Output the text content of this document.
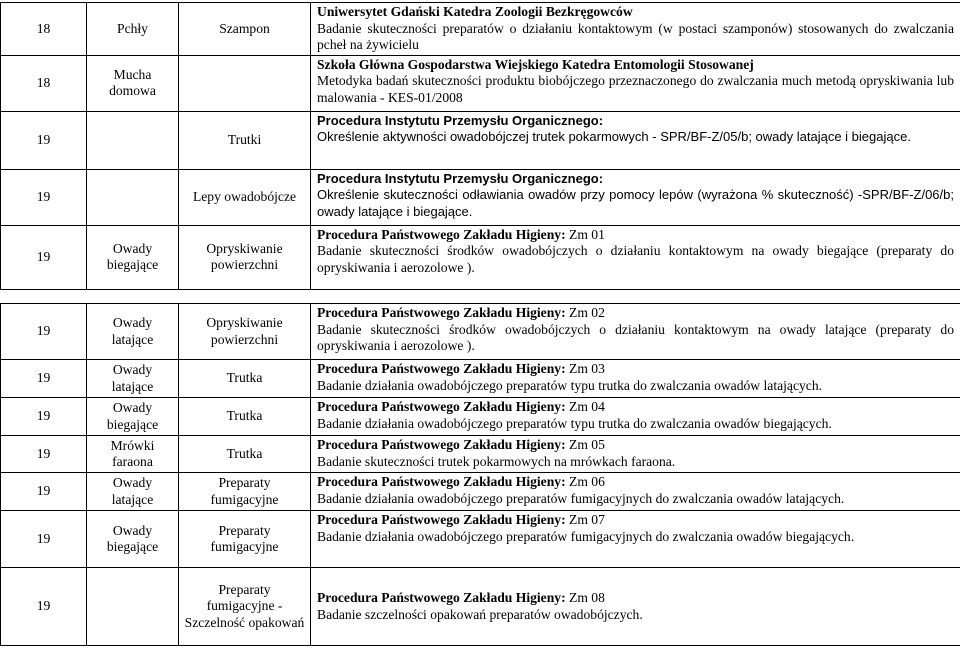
18	Pchły	Szampon	Uniwersytet Gdański Katedra Zoologii Bezkręgowców
Badanie skuteczności preparatów o działaniu kontaktowym (w postaci szamponów) stosowanych do zwalczania pcheł na żywicielu
18	Mucha domowa		Szkoła Główna Gospodarstwa Wiejskiego Katedra Entomologii Stosowanej
Metodyka badań skuteczności produktu biobójczego przeznaczonego do zwalczania much metodą opryskiwania lub malowania - KES-01/2008
19		Trutki	Procedura Instytutu Przemysłu Organicznego:
Określenie aktywności owadobójczej trutek pokarmowych - SPR/BF-Z/05/b; owady latające i biegające.
19		Lepy owadobójcze	Procedura Instytutu Przemysłu Organicznego:
Określenie skuteczności odławiania owadów przy pomocy lepów (wyrażona % skuteczność) -SPR/BF-Z/06/b; owady latające i biegające.
19	Owady biegające	Opryskiwanie powierzchni	Procedura Państwowego Zakładu Higieny: Zm 01
Badanie skuteczności środków owadobójczych o działaniu kontaktowym na owady biegające (preparaty do opryskiwania i aerozolowe ).
19	Owady latające	Opryskiwanie powierzchni	Procedura Państwowego Zakładu Higieny: Zm 02
Badanie skuteczności środków owadobójczych o działaniu kontaktowym na owady latające (preparaty do opryskiwania i aerozolowe ).
19	Owady latające	Trutka	Procedura Państwowego Zakładu Higieny: Zm 03
Badanie działania owadobójczego preparatów typu trutka do zwalczania owadów latających.
19	Owady biegające	Trutka	Procedura Państwowego Zakładu Higieny: Zm 04
Badanie działania owadobójczego preparatów typu trutka do zwalczania owadów biegających.
19	Mrówki faraona	Trutka	Procedura Państwowego Zakładu Higieny: Zm 05
Badanie skuteczności trutek pokarmowych na mrówkach faraona.
19	Owady latające	Preparaty fumigacyjne	Procedura Państwowego Zakładu Higieny: Zm 06
Badanie działania owadobójczego preparatów fumigacyjnych do zwalczania owadów latających.
19	Owady biegające	Preparaty fumigacyjne	Procedura Państwowego Zakładu Higieny: Zm 07
Badanie działania owadobójczego preparatów fumigacyjnych do zwalczania owadów biegających.
19		Preparaty fumigacyjne - Szczelność opakowań	Procedura Państwowego Zakładu Higieny: Zm 08
Badanie szczelności opakowań preparatów owadobójczych.
